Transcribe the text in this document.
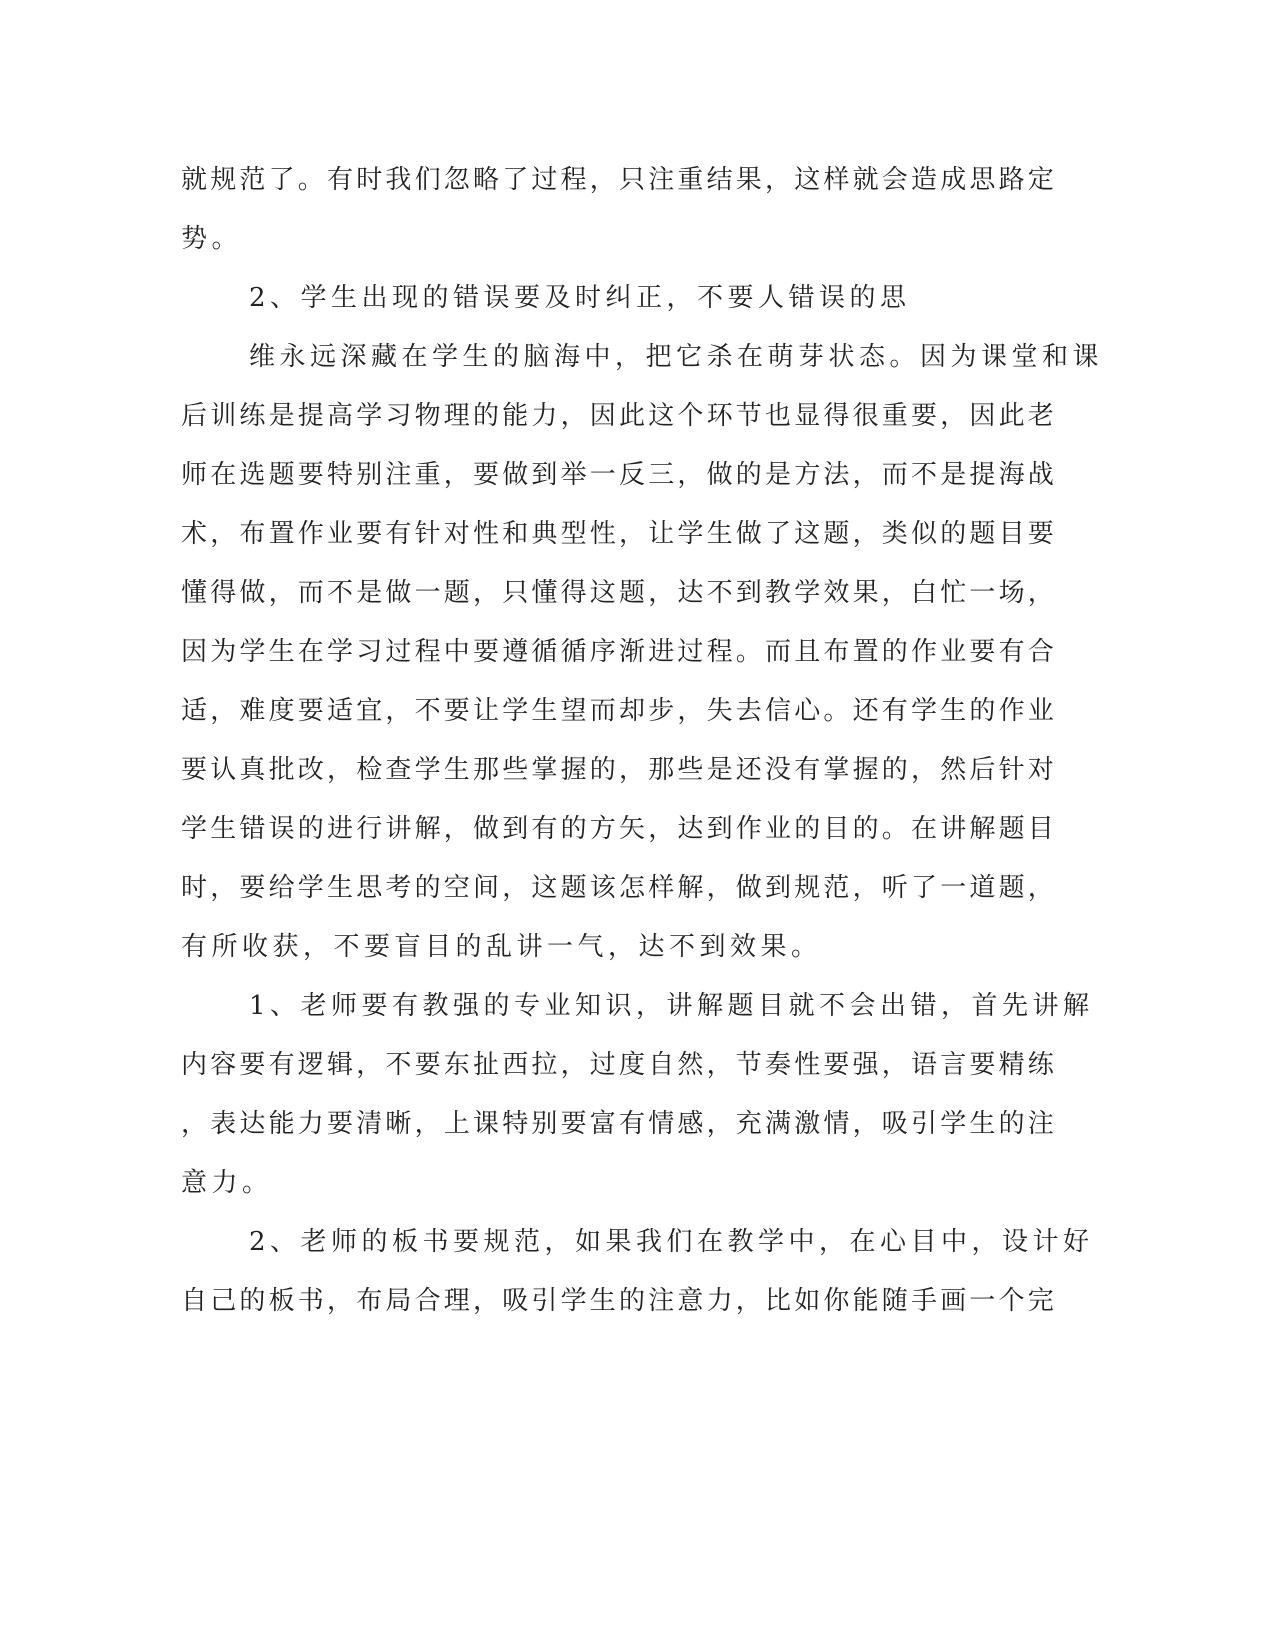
就规范了。有时我们忽略了过程，只注重结果，这样就会造成思路定
势。
2、学生出现的错误要及时纠正，不要人错误的思
维永远深藏在学生的脑海中，把它杀在萌芽状态。因为课堂和课
后训练是提高学习物理的能力，因此这个环节也显得很重要，因此老
师在选题要特别注重，要做到举一反三，做的是方法，而不是提海战
术，布置作业要有针对性和典型性，让学生做了这题，类似的题目要
懂得做，而不是做一题，只懂得这题，达不到教学效果，白忙一场，
因为学生在学习过程中要遵循循序渐进过程。而且布置的作业要有合
适，难度要适宜，不要让学生望而却步，失去信心。还有学生的作业
要认真批改，检查学生那些掌握的，那些是还没有掌握的，然后针对
学生错误的进行讲解，做到有的方矢，达到作业的目的。在讲解题目
时，要给学生思考的空间，这题该怎样解，做到规范，听了一道题，
有所收获，不要盲目的乱讲一气，达不到效果。
1、老师要有教强的专业知识，讲解题目就不会出错，首先讲解
内容要有逻辑，不要东扯西拉，过度自然，节奏性要强，语言要精练
，表达能力要清晰，上课特别要富有情感，充满激情，吸引学生的注
意力。
2、老师的板书要规范，如果我们在教学中，在心目中，设计好
自己的板书，布局合理，吸引学生的注意力，比如你能随手画一个完
